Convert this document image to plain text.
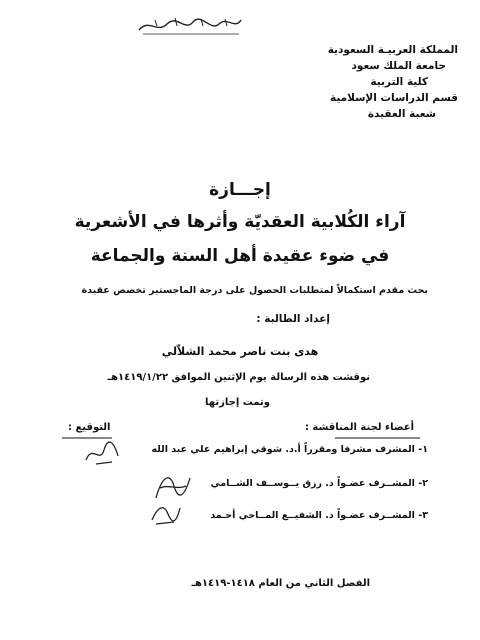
المملكة العربيـة السعودية
جامعة الملك سعود
كلية التربية
قسم الدراسات الإسلامية
شعبة العقيدة
إجـــازة
آراء الكُلابية العقديّة وأثرها في الأشعرية
في ضوء عقيدة أهل السنة والجماعة
بحث مقدم استكمالاً لمتطلبات الحصول على درجة الماجستير تخصص عقيدة
إعداد الطالبة :
هدى بنت ناصر محمد الشلاّلي
نوقشت هذه الرسالة يوم الإثنين الموافق ١٤١٩/١/٢٢هـ
وتمت إجازتها
أعضاء لجنة المناقشة :
التوقيع :
١- المشرف مشرفا ومقرراً أ.د. شوقي إبراهيم علي عبد الله
٢- المشــرف عضـواً د. رزق يــوســف الشــامي
٣- المشــرف عضـواً د. الشفيــع المــاحي أحـمد
الفصل الثاني من العام ١٤١٨-١٤١٩هـ
